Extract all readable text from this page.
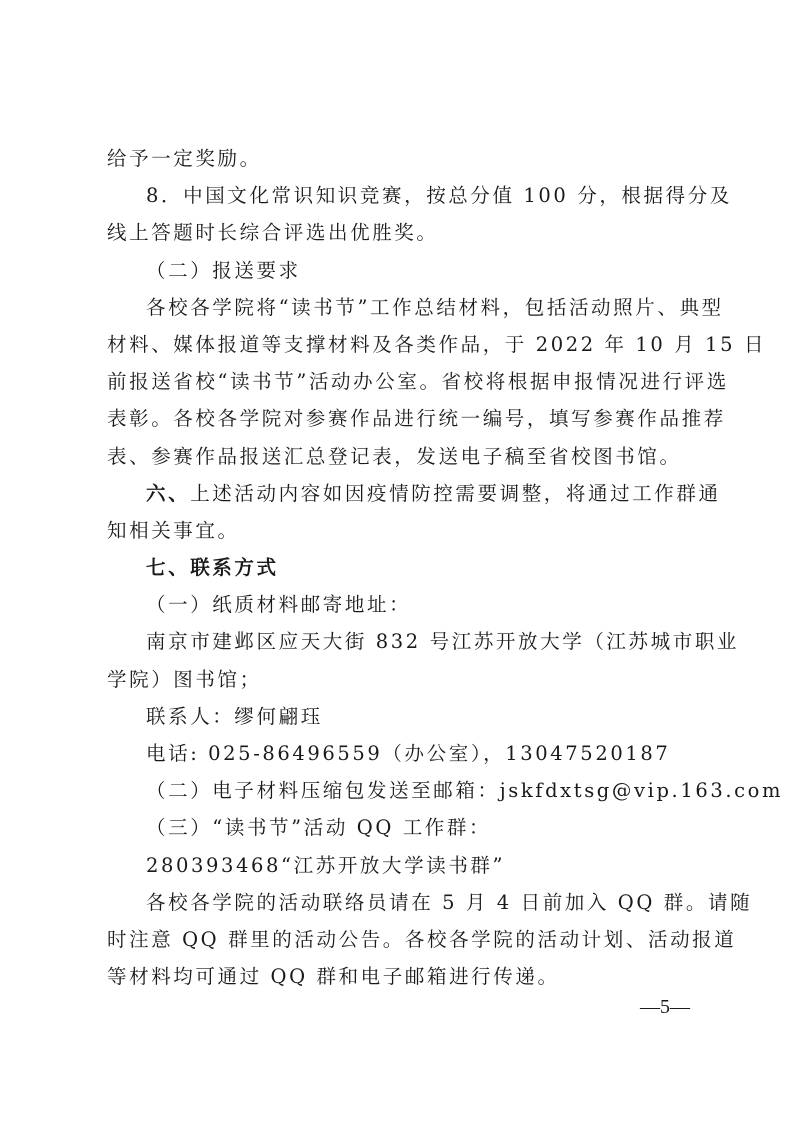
给予一定奖励。
8．中国文化常识知识竞赛，按总分值 100 分，根据得分及
线上答题时长综合评选出优胜奖。
（二）报送要求
各校各学院将“读书节”工作总结材料，包括活动照片、典型
材料、媒体报道等支撑材料及各类作品，于 2022 年 10 月 15 日
前报送省校“读书节”活动办公室。省校将根据申报情况进行评选
表彰。各校各学院对参赛作品进行统一编号，填写参赛作品推荐
表、参赛作品报送汇总登记表，发送电子稿至省校图书馆。
六、上述活动内容如因疫情防控需要调整，将通过工作群通
知相关事宜。
七、联系方式
（一）纸质材料邮寄地址：
南京市建邺区应天大街 832 号江苏开放大学（江苏城市职业
学院）图书馆；
联系人：缪何翩珏
电话: 025-86496559（办公室），13047520187
（二）电子材料压缩包发送至邮箱：jskfdxtsg@vip.163.com
（三）“读书节”活动 QQ 工作群：
280393468“江苏开放大学读书群”
各校各学院的活动联络员请在 5 月 4 日前加入 QQ 群。请随
时注意 QQ 群里的活动公告。各校各学院的活动计划、活动报道
等材料均可通过 QQ 群和电子邮箱进行传递。
—5—
